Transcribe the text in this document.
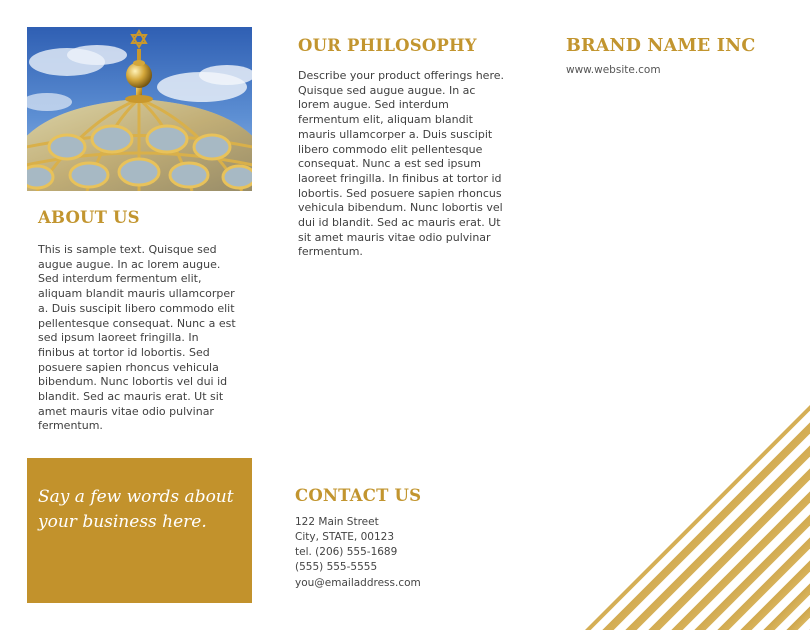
ABOUT US

This is sample text. Quisque sed augue augue. In ac lorem augue. Sed interdum fermentum elit, aliquam blandit mauris ullamcorper a. Duis suscipit libero commodo elit pellentesque consequat. Nunc a est sed ipsum laoreet fringilla. In finibus at tortor id lobortis. Sed posuere sapien rhoncus vehicula bibendum. Nunc lobortis vel dui id blandit. Sed ac mauris erat. Ut sit amet mauris vitae odio pulvinar fermentum.

OUR PHILOSOPHY

Describe your product offerings here. Quisque sed augue augue. In ac lorem augue. Sed interdum fermentum elit, aliquam blandit mauris ullamcorper a. Duis suscipit libero commodo elit pellentesque consequat. Nunc a est sed ipsum laoreet fringilla. In finibus at tortor id lobortis. Sed posuere sapien rhoncus vehicula bibendum. Nunc lobortis vel dui id blandit. Sed ac mauris erat. Ut sit amet mauris vitae odio pulvinar fermentum.

BRAND NAME INC

www.website.com

Say a few words about your business here.

CONTACT US

122 Main Street
City, STATE, 00123
tel. (206) 555-1689
(555) 555-5555
you@emailaddress.com
